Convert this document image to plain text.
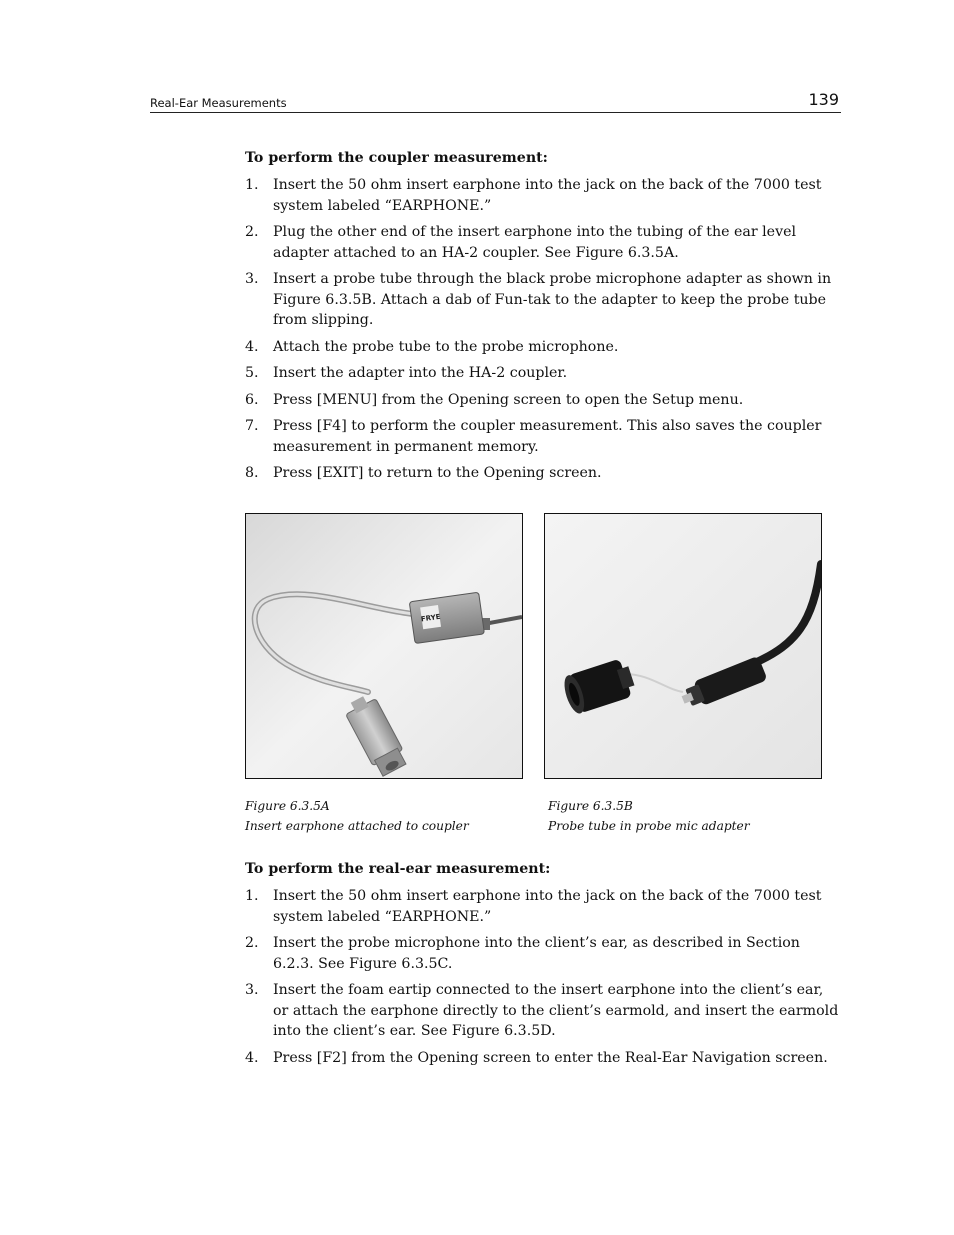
Real-Ear Measurements	139
To perform the coupler measurement:
1. Insert the 50 ohm insert earphone into the jack on the back of the 7000 test system labeled “EARPHONE.”
2. Plug the other end of the insert earphone into the tubing of the ear level adapter attached to an HA-2 coupler. See Figure 6.3.5A.
3. Insert a probe tube through the black probe microphone adapter as shown in Figure 6.3.5B. Attach a dab of Fun-tak to the adapter to keep the probe tube from slipping.
4. Attach the probe tube to the probe microphone.
5. Insert the adapter into the HA-2 coupler.
6. Press [MENU] from the Opening screen to open the Setup menu.
7. Press [F4] to perform the coupler measurement. This also saves the coupler measurement in permanent memory.
8. Press [EXIT] to return to the Opening screen.
FRYE
Figure 6.3.5A
Insert earphone attached to coupler
Figure 6.3.5B
Probe tube in probe mic adapter
To perform the real-ear measurement:
1. Insert the 50 ohm insert earphone into the jack on the back of the 7000 test system labeled “EARPHONE.”
2. Insert the probe microphone into the client’s ear, as described in Section 6.2.3. See Figure 6.3.5C.
3. Insert the foam eartip connected to the insert earphone into the client’s ear, or attach the earphone directly to the client’s earmold, and insert the earmold into the client’s ear. See Figure 6.3.5D.
4. Press [F2] from the Opening screen to enter the Real-Ear Navigation screen.
